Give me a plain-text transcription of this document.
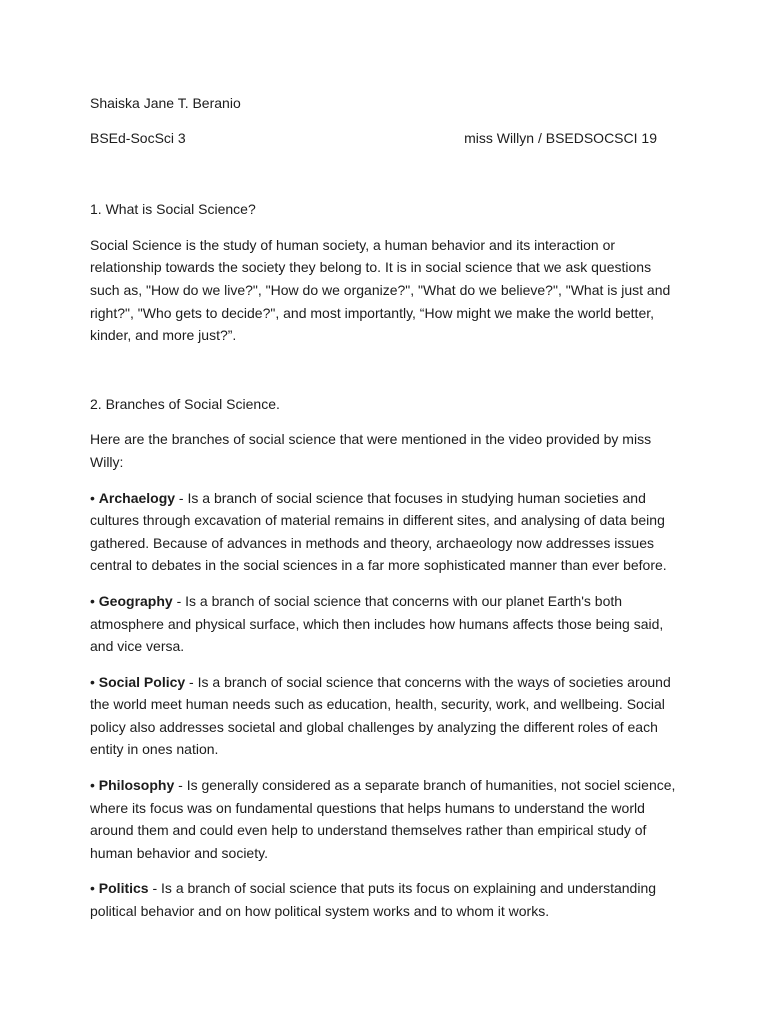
Shaiska Jane T. Beranio

BSEd-SocSci 3	miss Willyn / BSEDSOCSCI 19

1. What is Social Science?

Social Science is the study of human society, a human behavior and its interaction or relationship towards the society they belong to. It is in social science that we ask questions such as, "How do we live?", "How do we organize?", "What do we believe?", "What is just and right?", "Who gets to decide?", and most importantly, “How might we make the world better, kinder, and more just?”.

2. Branches of Social Science.

Here are the branches of social science that were mentioned in the video provided by miss Willy:

• Archaelogy - Is a branch of social science that focuses in studying human societies and cultures through excavation of material remains in different sites, and analysing of data being gathered. Because of advances in methods and theory, archaeology now addresses issues central to debates in the social sciences in a far more sophisticated manner than ever before.

• Geography - Is a branch of social science that concerns with our planet Earth's both atmosphere and physical surface, which then includes how humans affects those being said, and vice versa.

• Social Policy - Is a branch of social science that concerns with the ways of societies around the world meet human needs such as education, health, security, work, and wellbeing. Social policy also addresses societal and global challenges by analyzing the different roles of each entity in ones nation.

• Philosophy - Is generally considered as a separate branch of humanities, not sociel science, where its focus was on fundamental questions that helps humans to understand the world around them and could even help to understand themselves rather than empirical study of human behavior and society.

• Politics - Is a branch of social science that puts its focus on explaining and understanding political behavior and on how political system works and to whom it works.
